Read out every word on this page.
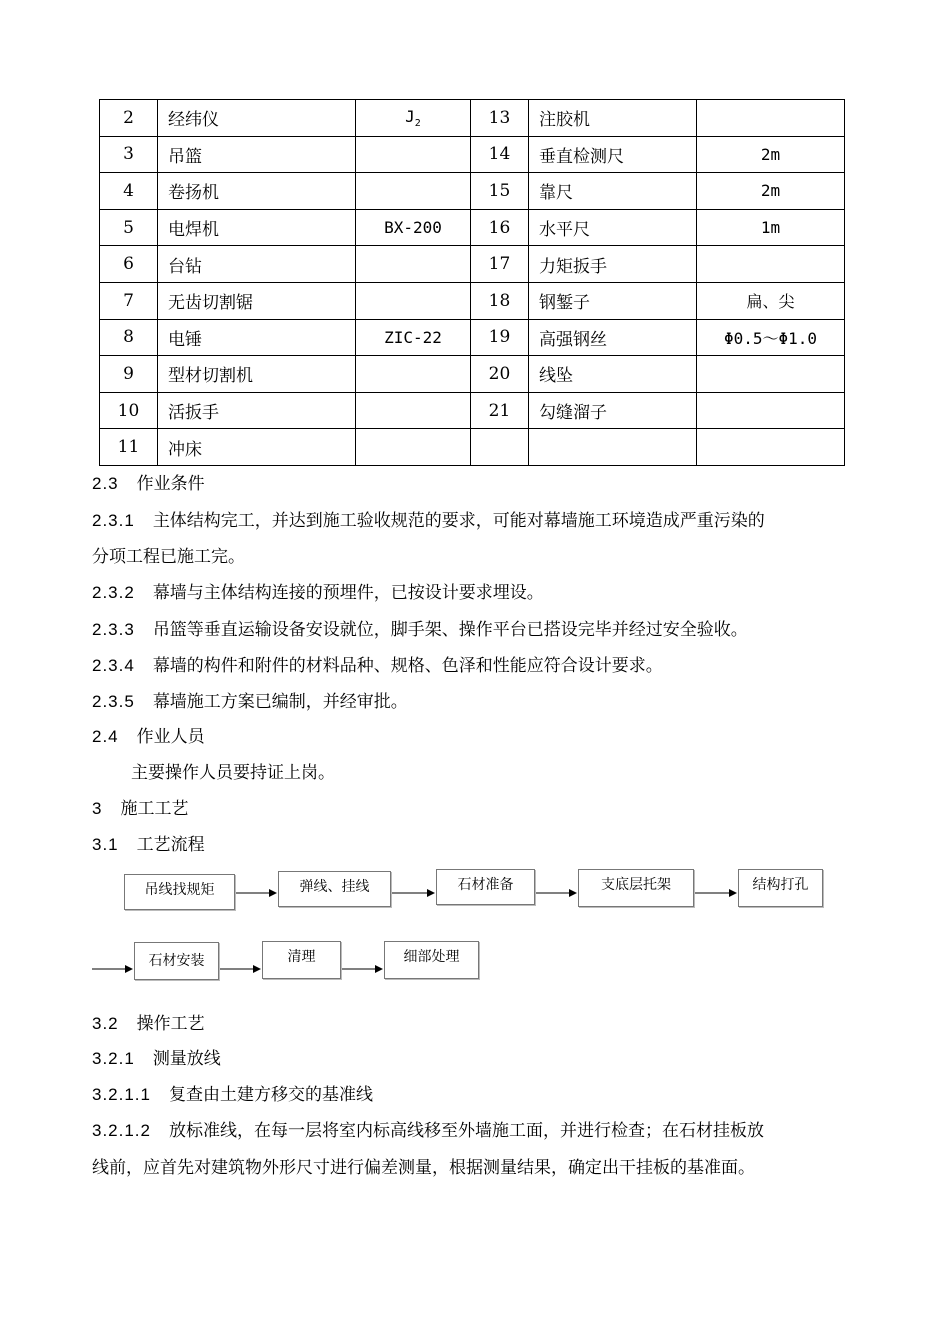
2	经纬仪	$J_2$	13	注胶机	
3	吊篮		14	垂直检测尺	2m
4	卷扬机		15	靠尺	2m
5	电焊机	BX-200	16	水平尺	1m
6	台钻		17	力矩扳手	
7	无齿切割锯		18	钢錾子	扁、尖
8	电锤	ZIC-22	19	高强钢丝	Φ0.5～Φ1.0
9	型材切割机		20	线坠	
10	活扳手		21	勾缝溜子	
11	冲床				
2.3 作业条件
2.3.1 主体结构完工，并达到施工验收规范的要求，可能对幕墙施工环境造成严重污染的
分项工程已施工完。
2.3.2 幕墙与主体结构连接的预埋件，已按设计要求埋设。
2.3.3 吊篮等垂直运输设备安设就位，脚手架、操作平台已搭设完毕并经过安全验收。
2.3.4 幕墙的构件和附件的材料品种、规格、色泽和性能应符合设计要求。
2.3.5 幕墙施工方案已编制，并经审批。
2.4 作业人员
主要操作人员要持证上岗。
3 施工工艺
3.1 工艺流程
吊线找规矩	弹线、挂线	石材准备	支底层托架	结构打孔
石材安装	清理	细部处理
3.2 操作工艺
3.2.1 测量放线
3.2.1.1 复查由土建方移交的基准线
3.2.1.2 放标准线，在每一层将室内标高线移至外墙施工面，并进行检查；在石材挂板放
线前，应首先对建筑物外形尺寸进行偏差测量，根据测量结果，确定出干挂板的基准面。
